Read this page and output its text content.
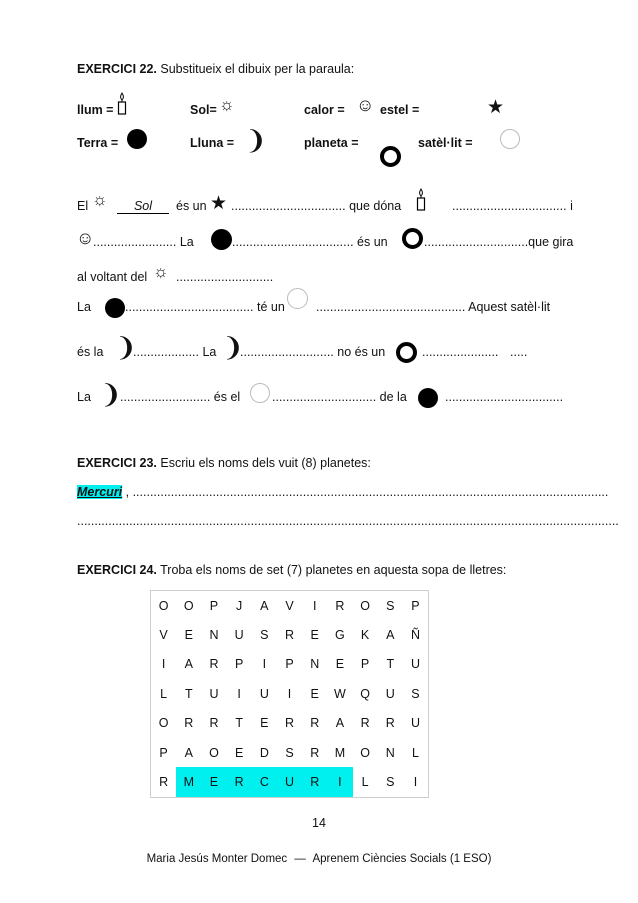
EXERCICI 22. Substitueix el dibuix per la paraula:
llum =	Sol= ☼	calor = ☺ estel =	★
Terra =	Lluna = ❩	planeta =	satèl·lit =
El ☼	Sol	és un ★ ................................. que dóna	................................. i
☺
........................ La	................................... és un	..............................que gira
al voltant del ☼ ............................
La	..................................... té un ........................................... Aquest satèl·lit
és la ❩
................... La ❩
........................... no és un	...................... .....
La ❩
.......................... és el	.............................. de la	..................................
EXERCICI 23. Escriu els noms dels vuit (8) planetes:
Mercuri , .........................................................................................................................................
............................................................................................................................................................
EXERCICI 24. Troba els noms de set (7) planetes en aquesta sopa de lletres:
O	O	P	J	A	V	I	R	O	S	P
V	E	N	U	S	R	E	G	K	A	Ñ
I	A	R	P	I	P	N	E	P	T	U
L	T	U	I	U	I	E	W	Q	U	S
O	R	R	T	E	R	R	A	R	R	U
P	A	O	E	D	S	R	M	O	N	L
R	M	E	R	C	U	R	I	L	S	I
14
Maria Jesús Monter Domec — Aprenem Ciències Socials (1 ESO)
